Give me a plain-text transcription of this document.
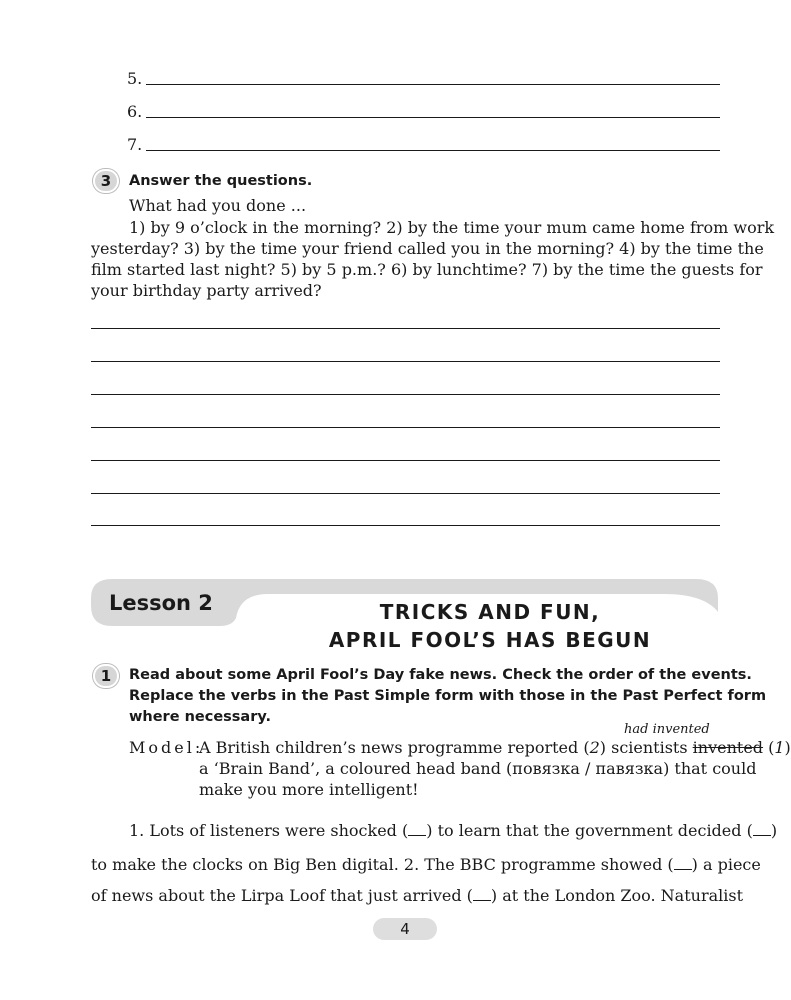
5.
6.
7.
3	Answer the questions.
What had you done ...
1) by 9 o’clock in the morning? 2) by the time your mum came home from work
yesterday? 3) by the time your friend called you in the morning? 4) by the time the
film started last night? 5) by 5 p.m.? 6) by lunchtime? 7) by the time the guests for
your birthday party arrived?
Lesson 2	TRICKS AND FUN,
APRIL FOOL’S HAS BEGUN
1	Read about some April Fool’s Day fake news. Check the order of the events.
Replace the verbs in the Past Simple form with those in the Past Perfect form
where necessary.
had invented
Model:
A British children’s news programme reported (2) scientists invented (1)
a ‘Brain Band’, a coloured head band (повязка / павязка) that could
make you more intelligent!
1. Lots of listeners were shocked ( ) to learn that the government decided ( )
to make the clocks on Big Ben digital. 2. The BBC programme showed ( ) a piece
of news about the Lirpa Loof that just arrived ( ) at the London Zoo. Naturalist
4
